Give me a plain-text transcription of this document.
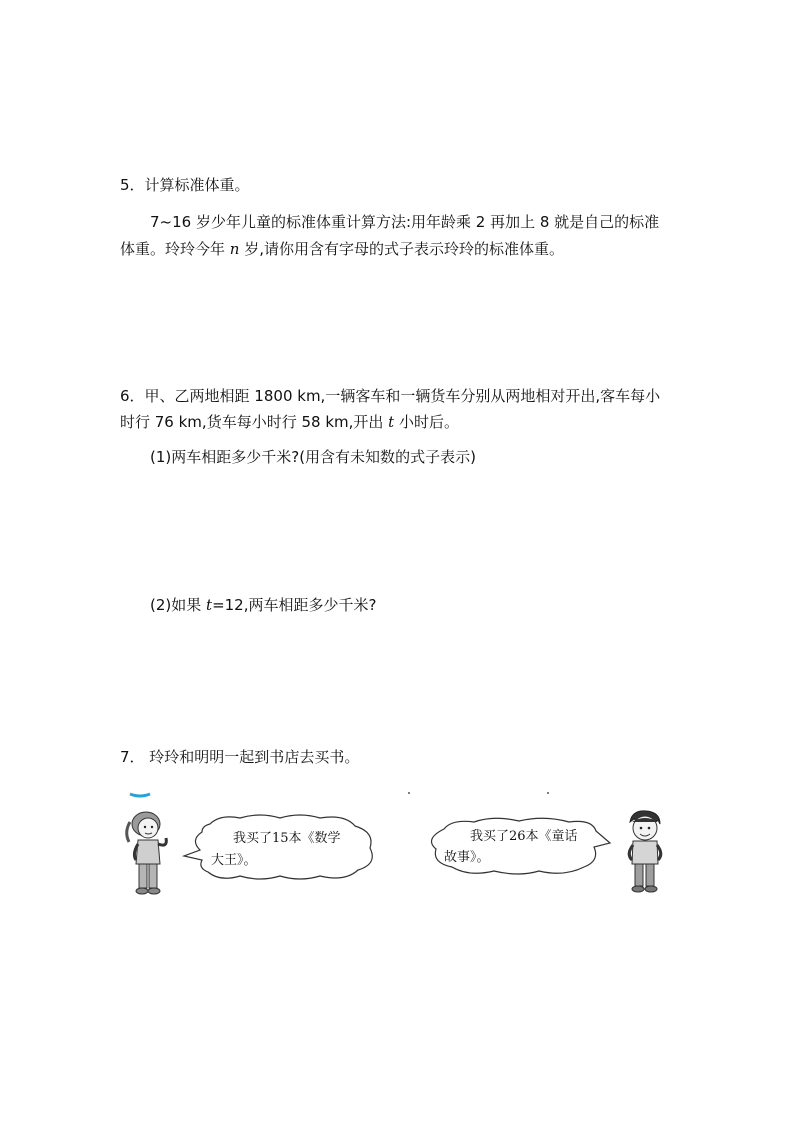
5．计算标准体重。
7~16 岁少年儿童的标准体重计算方法:用年龄乘 2 再加上 8 就是自己的标准
体重。玲玲今年 n 岁,请你用含有字母的式子表示玲玲的标准体重。
6．甲、乙两地相距 1800 km,一辆客车和一辆货车分别从两地相对开出,客车每小
时行 76 km,货车每小时行 58 km,开出 t 小时后。
(1)两车相距多少千米?(用含有未知数的式子表示)
(2)如果 t=12,两车相距多少千米?
7． 玲玲和明明一起到书店去买书。
我买了15本《数学
大王》。
我买了26本《童话
故事》。
